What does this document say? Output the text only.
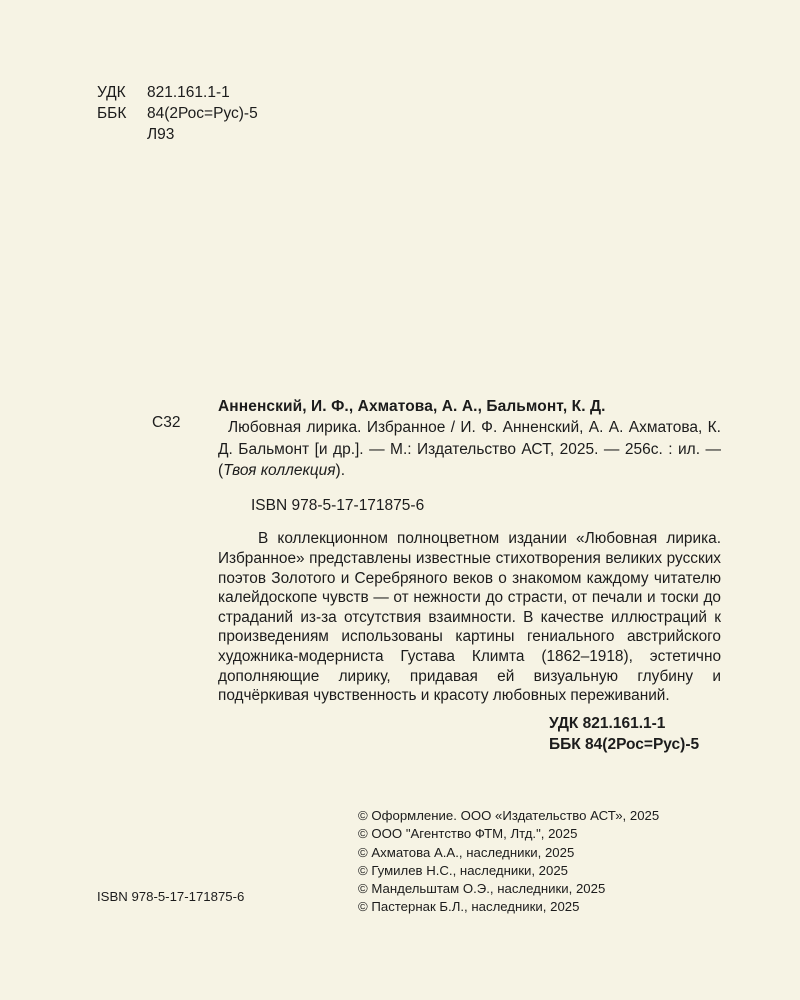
УДК	821.161.1-1
ББК	84(2Рос=Рус)-5
Л93
С32
Анненский, И. Ф., Ахматова, А. А., Бальмонт, К. Д.
Любовная лирика. Избранное / И. Ф. Анненский, А. А. Ахматова, К. Д. Бальмонт [и др.]. — М.: Издательство АСТ, 2025. — 256с. : ил. — (Твоя коллекция).
ISBN 978-5-17-171875-6
В коллекционном полноцветном издании «Любовная лирика. Избранное» представлены известные стихотворения великих русских поэтов Золотого и Серебряного веков о знакомом каждому читателю калейдоскопе чувств — от нежности до страсти, от печали и тоски до страданий из-за отсутствия взаимности. В качестве иллюстраций к произведениям использованы картины гениального австрийского художника-модерниста Густава Климта (1862–1918), эстетично дополняющие лирику, придавая ей визуальную глубину и подчёркивая чувственность и красоту любовных переживаний.
УДК 821.161.1-1
ББК 84(2Рос=Рус)-5
© Оформление. ООО «Издательство АСТ», 2025
© ООО "Агентство ФТМ, Лтд.", 2025
© Ахматова А.А., наследники, 2025
© Гумилев Н.С., наследники, 2025
© Мандельштам О.Э., наследники, 2025
© Пастернак Б.Л., наследники, 2025
ISBN 978-5-17-171875-6
